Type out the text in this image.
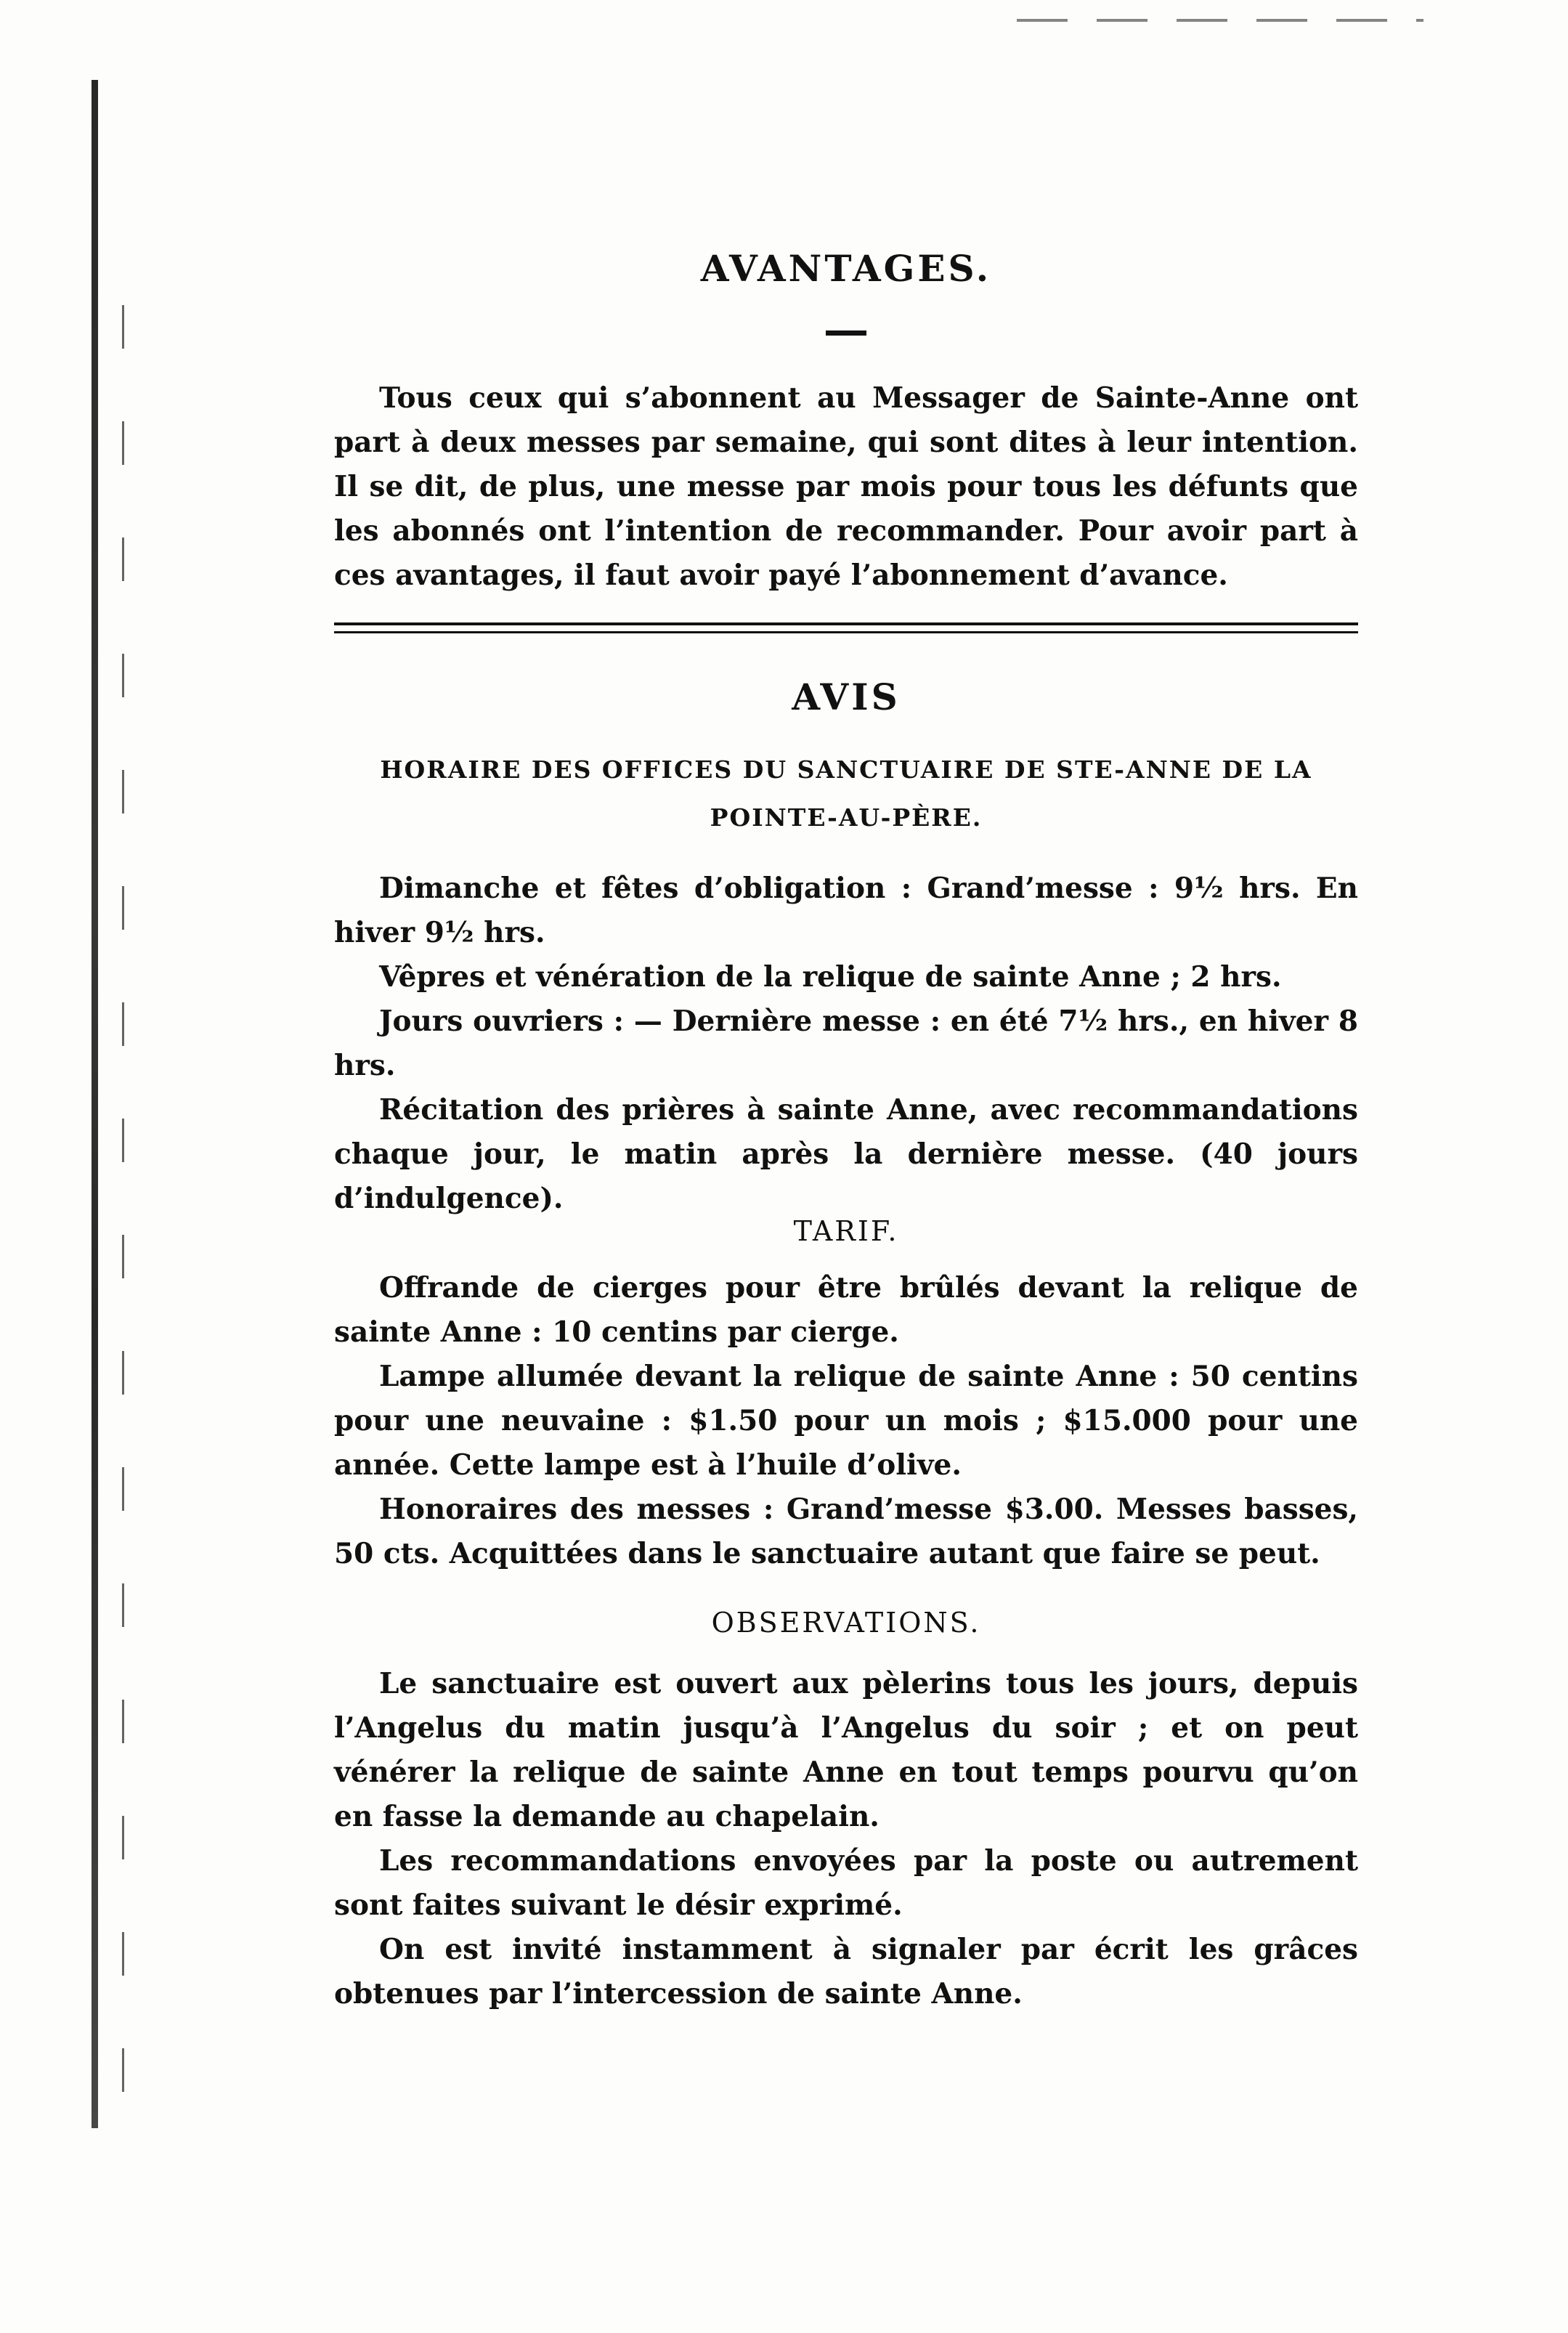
AVANTAGES.

Tous ceux qui s’abonnent au Messager de Sainte-Anne ont part à deux messes par semaine, qui sont dites à leur intention. Il se dit, de plus, une messe par mois pour tous les défunts que les abonnés ont l’intention de recommander. Pour avoir part à ces avantages, il faut avoir payé l’abonnement d’avance.

AVIS
HORAIRE DES OFFICES DU SANCTUAIRE DE STE-ANNE DE LA POINTE-AU-PÈRE.

Dimanche et fêtes d’obligation : Grand’messe : 9½ hrs. En hiver 9½ hrs.

Vêpres et vénération de la relique de sainte Anne ; 2 hrs.

Jours ouvriers : — Dernière messe : en été 7½ hrs., en hiver 8 hrs.

Récitation des prières à sainte Anne, avec recommandations chaque jour, le matin après la dernière messe. (40 jours d’indulgence).

TARIF.

Offrande de cierges pour être brûlés devant la relique de sainte Anne : 10 centins par cierge.

Lampe allumée devant la relique de sainte Anne : 50 centins pour une neuvaine : $1.50 pour un mois ; $15.000 pour une année. Cette lampe est à l’huile d’olive.

Honoraires des messes : Grand’messe $3.00. Messes basses, 50 cts. Acquittées dans le sanctuaire autant que faire se peut.

OBSERVATIONS.

Le sanctuaire est ouvert aux pèlerins tous les jours, depuis l’Angelus du matin jusqu’à l’Angelus du soir ; et on peut vénérer la relique de sainte Anne en tout temps pourvu qu’on en fasse la demande au chapelain.

Les recommandations envoyées par la poste ou autrement sont faites suivant le désir exprimé.

On est invité instamment à signaler par écrit les grâces obtenues par l’intercession de sainte Anne.
